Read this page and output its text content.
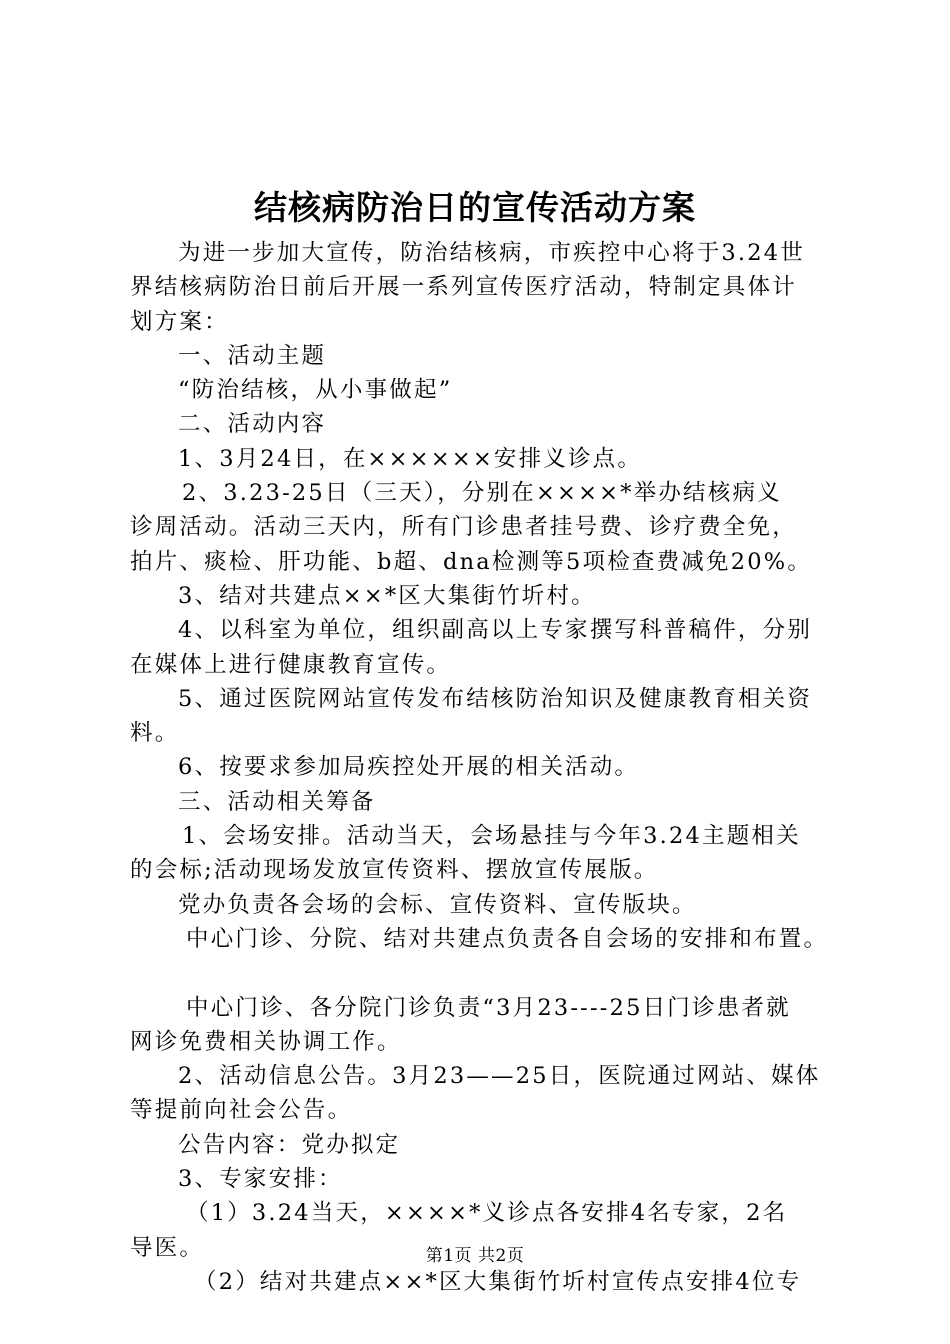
结核病防治日的宣传活动方案

为进一步加大宣传，防治结核病，市疾控中心将于3.24世

界结核病防治日前后开展一系列宣传医疗活动，特制定具体计

划方案：

一、活动主题

“防治结核，从小事做起”

二、活动内容

1、3月24日，在××××××安排义诊点。

2、3.23-25日（三天），分别在××××*举办结核病义

诊周活动。活动三天内，所有门诊患者挂号费、诊疗费全免，

拍片、痰检、肝功能、b超、dna检测等5项检查费减免20%。

3、结对共建点××*区大集街竹圻村。

4、以科室为单位，组织副高以上专家撰写科普稿件，分别

在媒体上进行健康教育宣传。

5、通过医院网站宣传发布结核防治知识及健康教育相关资

料。

6、按要求参加局疾控处开展的相关活动。

三、活动相关筹备

1、会场安排。活动当天，会场悬挂与今年3.24主题相关

的会标;活动现场发放宣传资料、摆放宣传展版。

党办负责各会场的会标、宣传资料、宣传版块。

中心门诊、分院、结对共建点负责各自会场的安排和布置。

中心门诊、各分院门诊负责“3月23----25日门诊患者就

网诊免费相关协调工作。

2、活动信息公告。3月23——25日，医院通过网站、媒体

等提前向社会公告。

公告内容：党办拟定

3、专家安排：

（1）3.24当天，××××*义诊点各安排4名专家，2名

导医。

（2）结对共建点××*区大集街竹圻村宣传点安排4位专

第1页 共2页
